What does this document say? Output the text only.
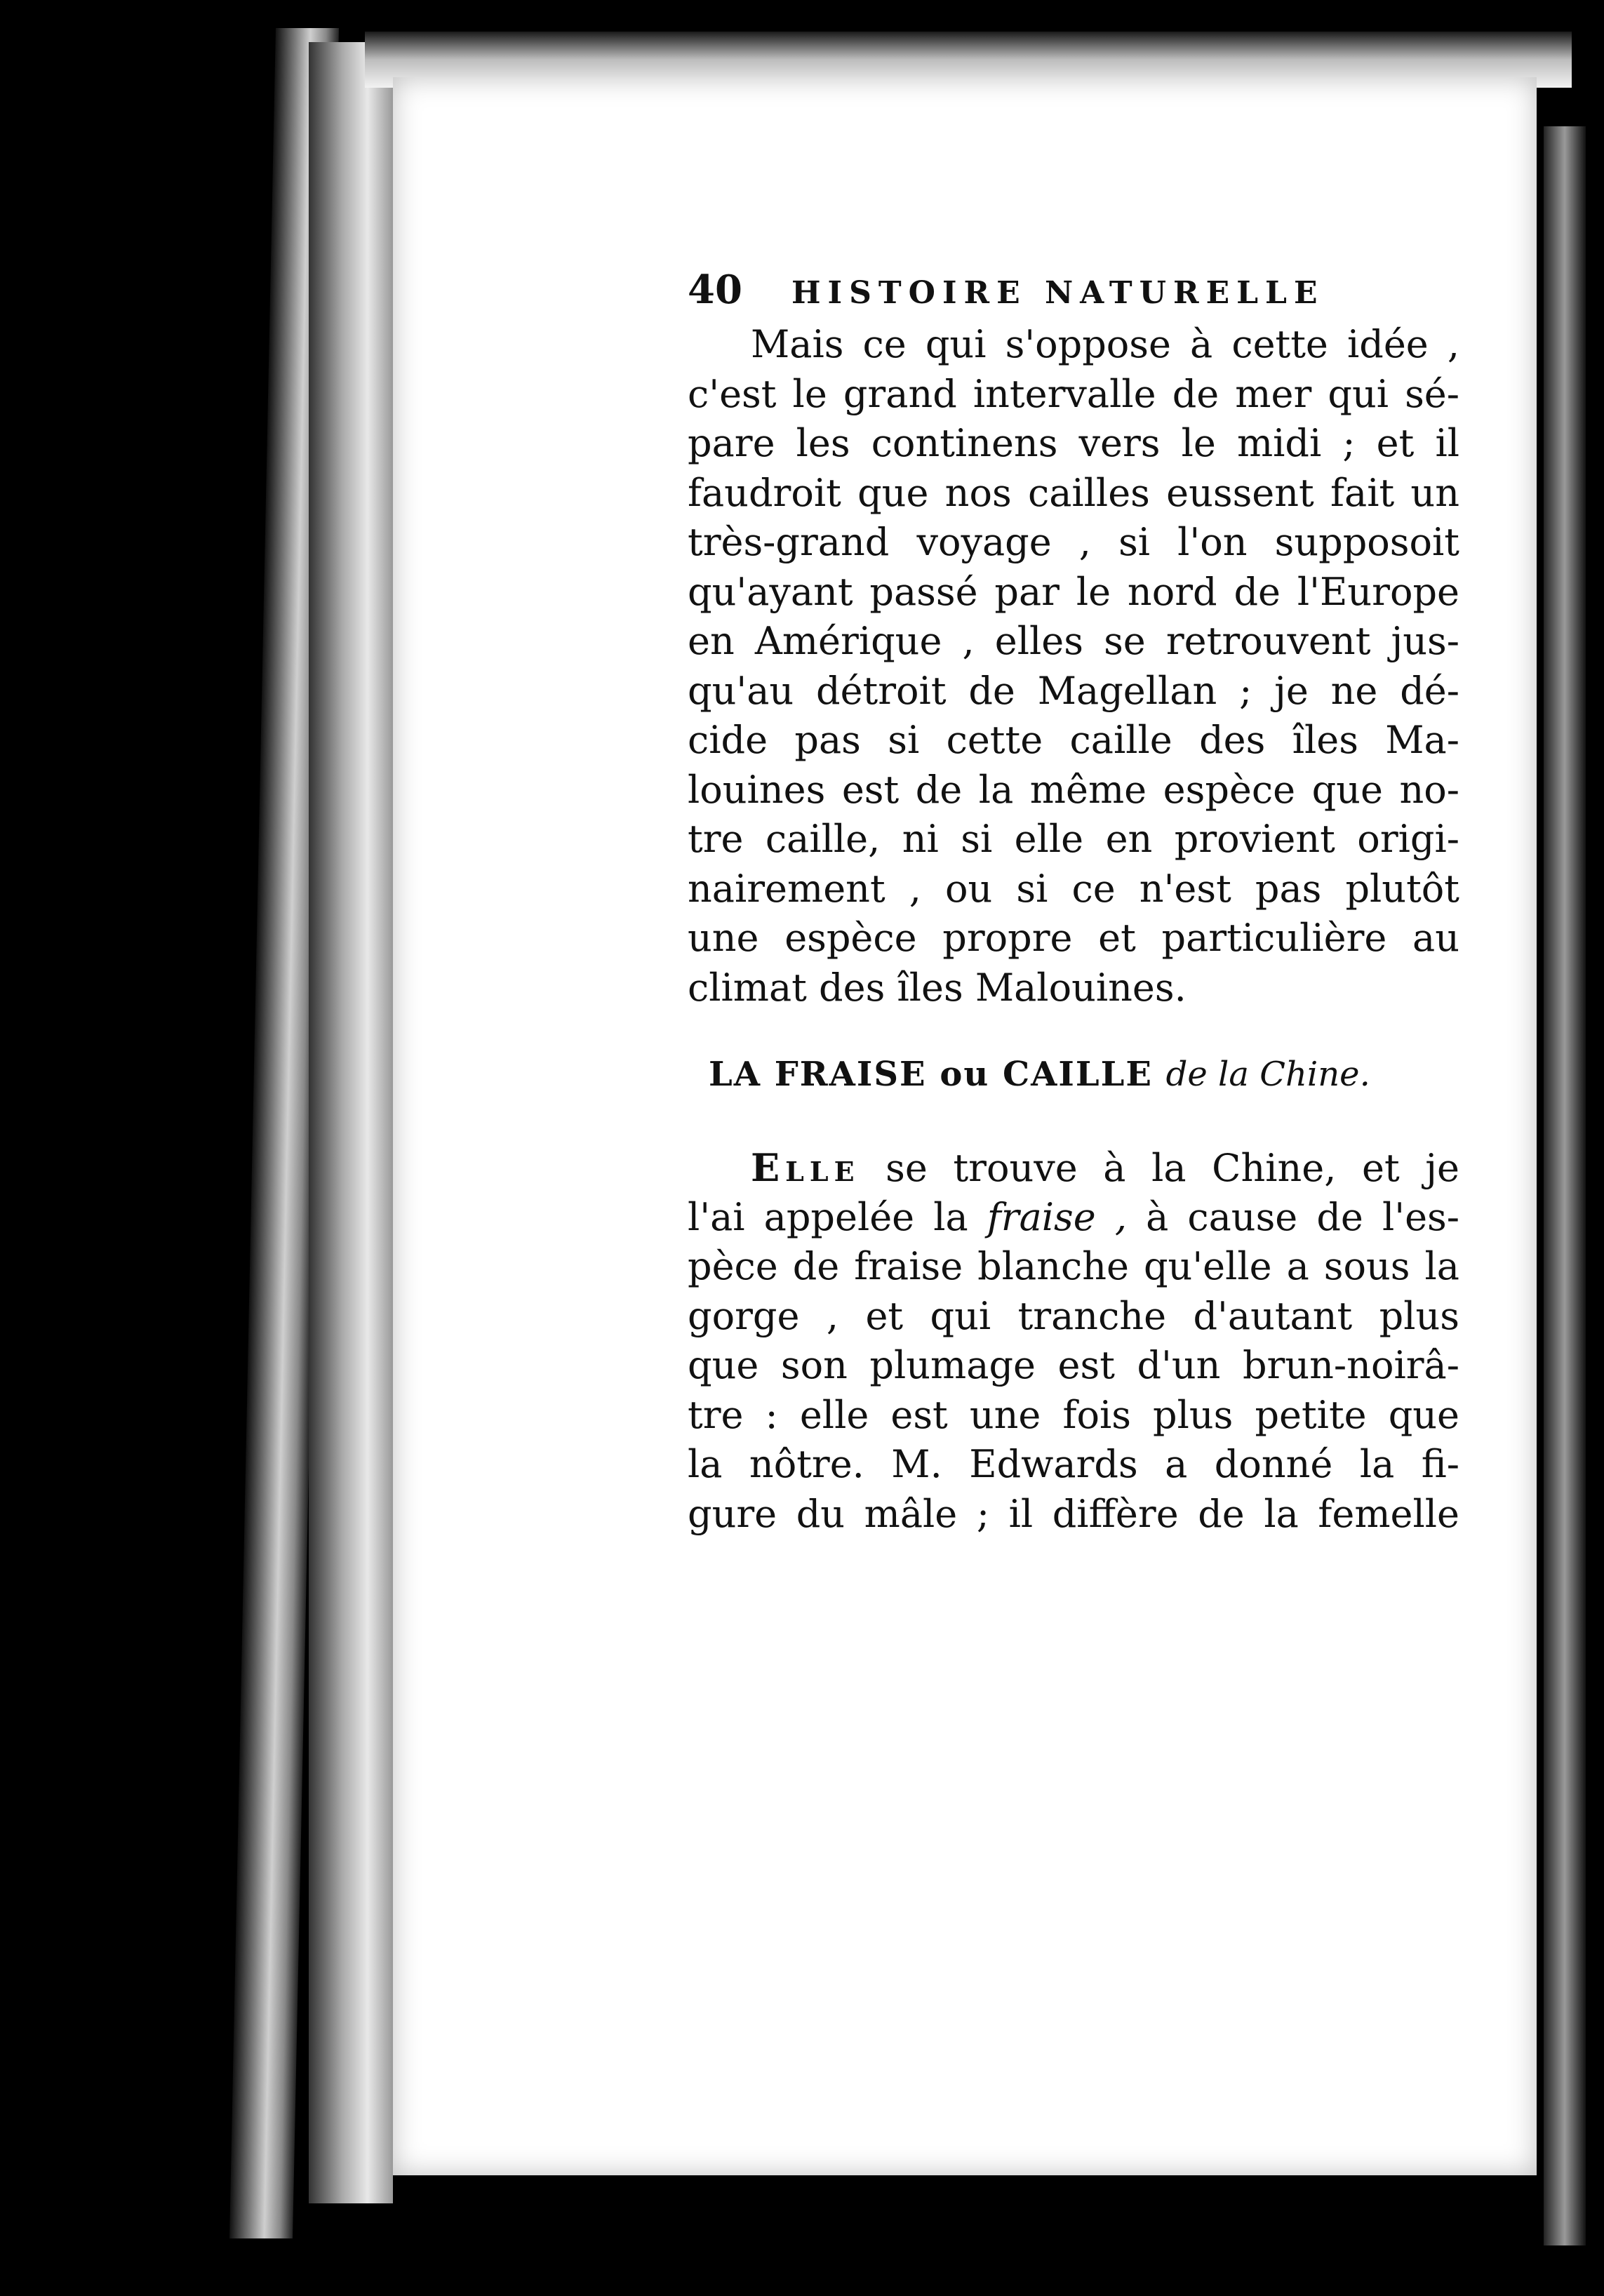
40 HISTOIRE NATURELLE
Mais ce qui s'oppose à cette idée ,
c'est le grand intervalle de mer qui sé-
pare les continens vers le midi ; et il
faudroit que nos cailles eussent fait un
très-grand voyage , si l'on supposoit
qu'ayant passé par le nord de l'Europe
en Amérique , elles se retrouvent jus-
qu'au détroit de Magellan ; je ne dé-
cide pas si cette caille des îles Ma-
louines est de la même espèce que no-
tre caille, ni si elle en provient origi-
nairement , ou si ce n'est pas plutôt
une espèce propre et particulière au
climat des îles Malouines.
LA FRAISE ou CAILLE de la Chine.
Elle se trouve à la Chine, et je
l'ai appelée la fraise , à cause de l'es-
pèce de fraise blanche qu'elle a sous la
gorge , et qui tranche d'autant plus
que son plumage est d'un brun-noirâ-
tre : elle est une fois plus petite que
la nôtre. M. Edwards a donné la fi-
gure du mâle ; il diffère de la femelle
